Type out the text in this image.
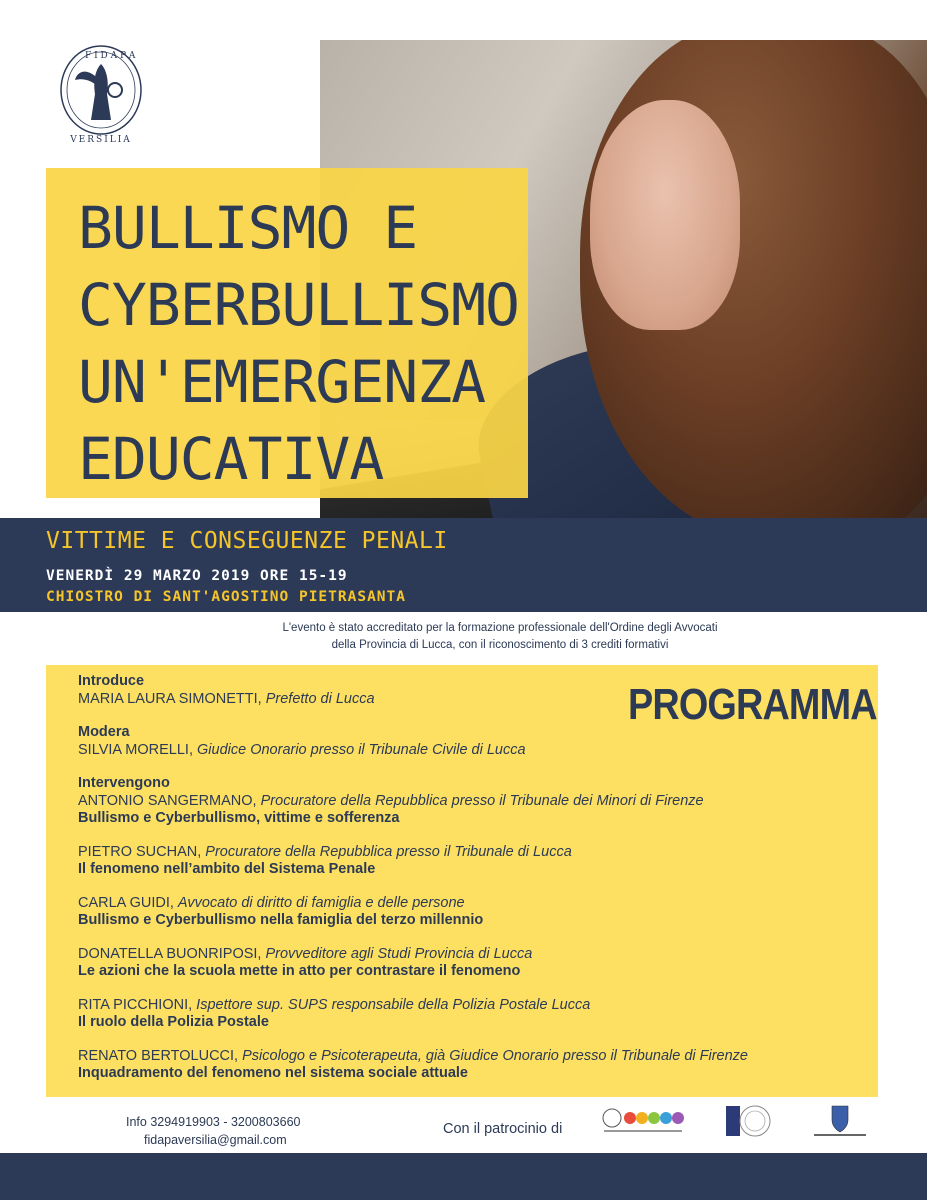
VERSILIA
F I D A P A
BULLISMO E
CYBERBULLISMO
UN'EMERGENZA
EDUCATIVA
VITTIME E CONSEGUENZE PENALI
VENERDÌ 29 MARZO 2019 ORE 15-19
CHIOSTRO DI SANT'AGOSTINO PIETRASANTA
L'evento è stato accreditato per la formazione professionale dell'Ordine degli Avvocati
della Provincia di Lucca, con il riconoscimento di 3 crediti formativi
PROGRAMMA
Introduce
MARIA LAURA SIMONETTI, Prefetto di Lucca
Modera
SILVIA MORELLI, Giudice Onorario presso il Tribunale Civile di Lucca
Intervengono
ANTONIO SANGERMANO, Procuratore della Repubblica presso il Tribunale dei Minori di Firenze
Bullismo e Cyberbullismo, vittime e sofferenza
PIETRO SUCHAN, Procuratore della Repubblica presso il Tribunale di Lucca
Il fenomeno nell’ambito del Sistema Penale
CARLA GUIDI, Avvocato di diritto di famiglia e delle persone
Bullismo e Cyberbullismo nella famiglia del terzo millennio
DONATELLA BUONRIPOSI, Provveditore agli Studi Provincia di Lucca
Le azioni che la scuola mette in atto per contrastare il fenomeno
RITA PICCHIONI, Ispettore sup. SUPS responsabile della Polizia Postale Lucca
Il ruolo della Polizia Postale
RENATO BERTOLUCCI, Psicologo e Psicoterapeuta, già Giudice Onorario presso il Tribunale di Firenze
Inquadramento del fenomeno nel sistema sociale attuale
Info 3294919903 - 3200803660
fidapaversilia@gmail.com
Con il patrocinio di
